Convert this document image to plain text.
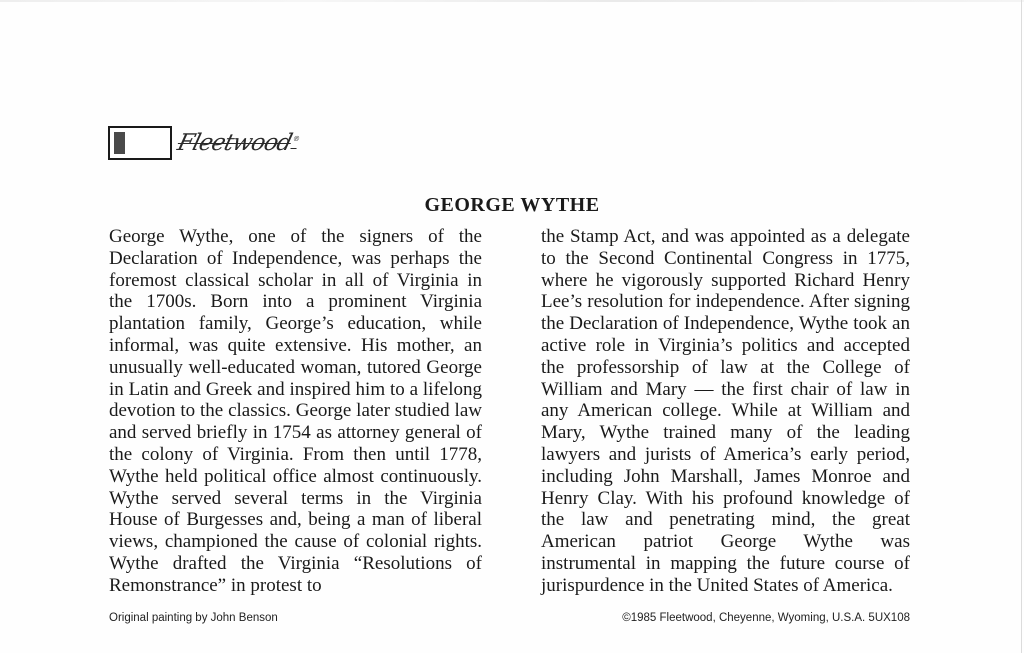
Fleetwood®
GEORGE WYTHE

George Wythe, one of the signers of the Declaration of Independence, was perhaps the foremost classical scholar in all of Virginia in the 1700s. Born into a prominent Virginia plantation family, George’s education, while informal, was quite extensive. His mother, an unusually well-educated woman, tutored George in Latin and Greek and inspired him to a lifelong devotion to the classics. George later studied law and served briefly in 1754 as attorney general of the colony of Virginia. From then until 1778, Wythe held political office almost continuously. Wythe served several terms in the Virginia House of Burgesses and, being a man of liberal views, championed the cause of colonial rights. Wythe drafted the Virginia “Resolutions of Remonstrance” in protest to

the Stamp Act, and was appointed as a delegate to the Second Continental Congress in 1775, where he vigorously supported Richard Henry Lee’s resolution for independence. After signing the Declaration of Independence, Wythe took an active role in Virginia’s politics and accepted the professorship of law at the College of William and Mary — the first chair of law in any American college. While at William and Mary, Wythe trained many of the leading lawyers and jurists of America’s early period, including John Marshall, James Monroe and Henry Clay. With his profound knowledge of the law and penetrating mind, the great American patriot George Wythe was instrumental in mapping the future course of jurispurdence in the United States of America.

Original painting by John Benson	©1985 Fleetwood, Cheyenne, Wyoming, U.S.A. 5UX108
